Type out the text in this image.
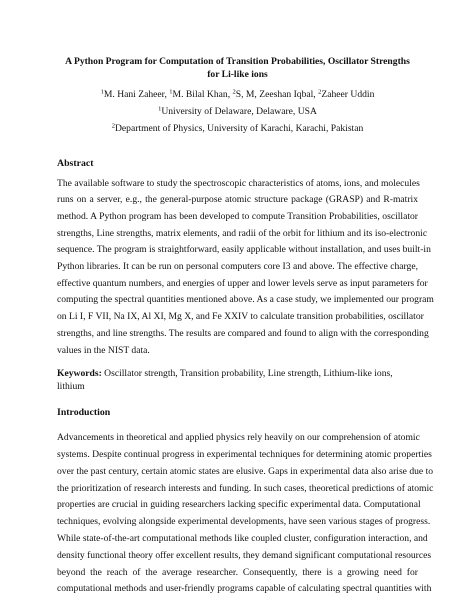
A Python Program for Computation of Transition Probabilities, Oscillator Strengths for Li-like ions
$^1$M. Hani Zaheer, $^1$M. Bilal Khan, $^2$S, M, Zeeshan Iqbal, $^2$Zaheer Uddin
$^1$University of Delaware, Delaware, USA
$^2$Department of Physics, University of Karachi, Karachi, Pakistan
Abstract
The available software to study the spectroscopic characteristics of atoms, ions, and molecules
runs on a server, e.g., the general-purpose atomic structure package (GRASP) and R-matrix
method. A Python program has been developed to compute Transition Probabilities, oscillator
strengths, Line strengths, matrix elements, and radii of the orbit for lithium and its iso-electronic
sequence. The program is straightforward, easily applicable without installation, and uses built-in
Python libraries. It can be run on personal computers core I3 and above. The effective charge,
effective quantum numbers, and energies of upper and lower levels serve as input parameters for
computing the spectral quantities mentioned above. As a case study, we implemented our program
on Li I, F VII, Na IX, Al XI, Mg X, and Fe XXIV to calculate transition probabilities, oscillator
strengths, and line strengths. The results are compared and found to align with the corresponding
values in the NIST data.
Keywords: Oscillator strength, Transition probability, Line strength, Lithium-like ions, lithium
Introduction
Advancements in theoretical and applied physics rely heavily on our comprehension of atomic
systems. Despite continual progress in experimental techniques for determining atomic properties
over the past century, certain atomic states are elusive. Gaps in experimental data also arise due to
the prioritization of research interests and funding. In such cases, theoretical predictions of atomic
properties are crucial in guiding researchers lacking specific experimental data. Computational
techniques, evolving alongside experimental developments, have seen various stages of progress.
While state-of-the-art computational methods like coupled cluster, configuration interaction, and
density functional theory offer excellent results, they demand significant computational resources
beyond the reach of the average researcher. Consequently, there is a growing need for
computational methods and user-friendly programs capable of calculating spectral quantities with
